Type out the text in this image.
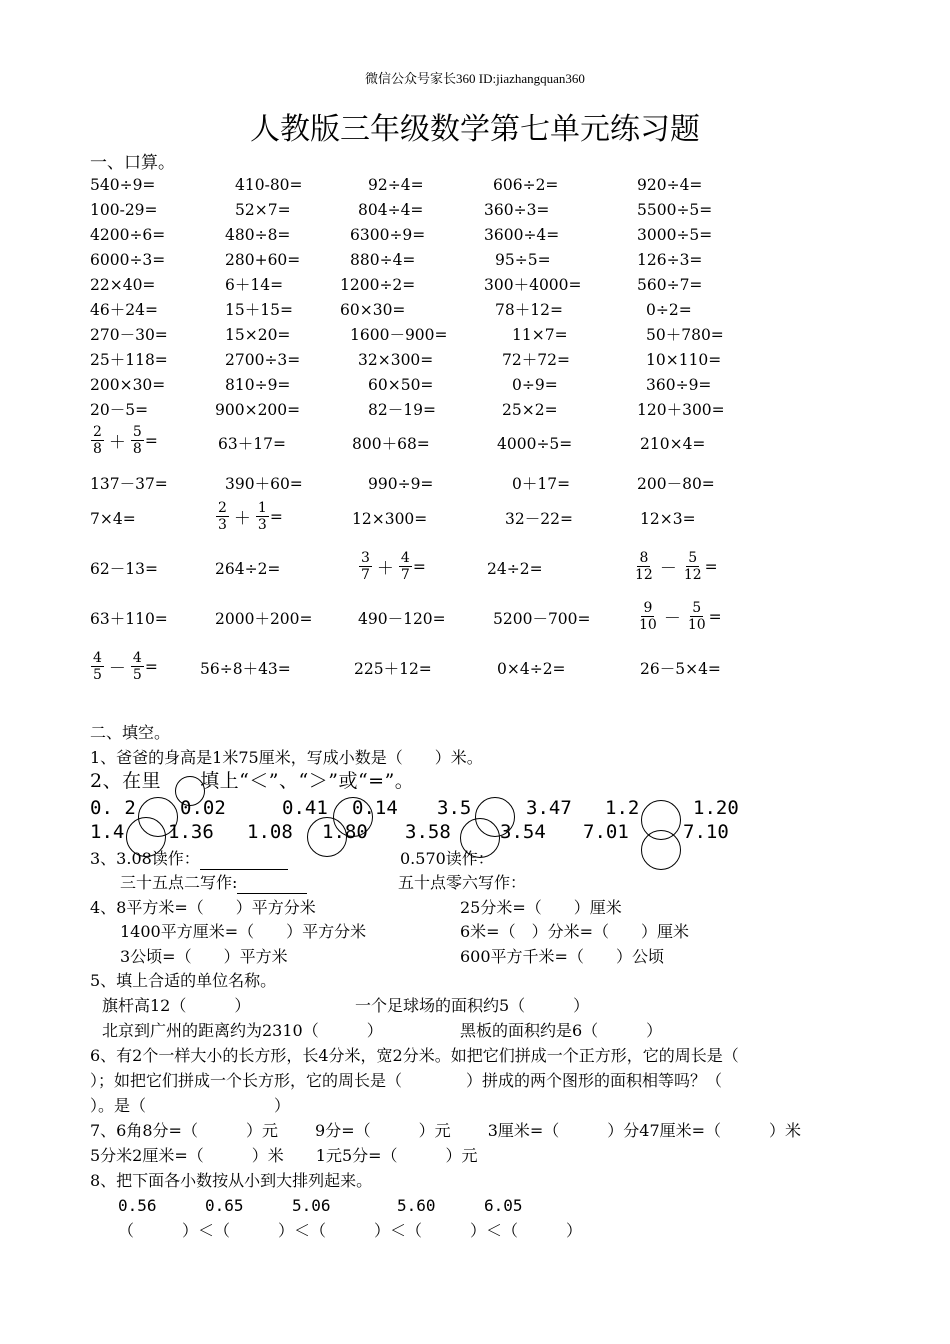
微信公众号家长360 ID:jiazhangquan360
人教版三年级数学第七单元练习题
一、口算。
540÷9=	410-80=	92÷4=	606÷2=	920÷4=
100-29=	52×7=	804÷4=	360÷3=	5500÷5=
4200÷6=	480÷8=	6300÷9=	3600÷4=	3000÷5=
6000÷3=	280+60=	880÷4=	95÷5=	126÷3=
22×40=	6＋14=	1200÷2=	300＋4000=	560÷7=
46＋24=	15＋15=	60×30=	78＋12=	0÷2=
270－30=	15×20=	1600－900=	11×7=	50＋780=
25＋118=	2700÷3=	32×300=	72＋72=	10×110=
200×30=	810÷9=	60×50=	0÷9=	360÷9=
20－5=	900×200=	82－19=	25×2=	120＋300=
$\frac{2}{8} + \frac{5}{8}$ =	63＋17=	800＋68=	4000÷5=	210×4=
137－37=	390＋60=	990÷9=	0＋17=	200－80=
7×4=	$\frac{2}{3} + \frac{1}{3}$ =	12×300=	32－22=	12×3=
62－13=	264÷2=	$\frac{3}{7} + \frac{4}{7}$ =	24÷2=	$\frac{8}{12} - \frac{5}{12}$ =
63＋110=	2000＋200=	490－120=	5200－700=	$\frac{9}{10} - \frac{5}{10}$ =
$\frac{4}{5} - \frac{4}{5}$ =	56÷8＋43=	225＋12=	0×4÷2=	26－5×4=
二、填空。
1、爸爸的身高是1米75厘米，写成小数是（　　）米。
2、在里　　填上“＜”、“＞”或“=”。
0. 2 0.02	0.41 0.14 3.5	3.47 1.2	1.20
1.4 1.36 1.08 1.80 3.58	3.54 7.01	7.10
3、3.08读作：	0.570读作：
三十五点二写作:	五十点零六写作：
4、8平方米=（　　）平方分米	25分米=（　　）厘米
1400平方厘米=（　　）平方分米	6米=（　）分米=（　　）厘米
3公顷=（　　）平方米	600平方千米=（　　）公顷
5、填上合适的单位名称。
旗杆高12（　　　）	一个足球场的面积约5（　　　）
北京到广州的距离约为2310（　　　）	黑板的面积约是6（　　　）
6、有2个一样大小的长方形，长4分米，宽2分米。如把它们拼成一个正方形，它的周长是（
）；如把它们拼成一个长方形，它的周长是（　　　　）拼成的两个图形的面积相等吗？（
）。是（　　　　　　　　）
7、6角8分=（　　　）元　　 9分=（　　　）元　　 3厘米=（　　　）分47厘米=（　　　）米
5分米2厘米=（　　　）米　　1元5分=（　　　）元
8、把下面各小数按从小到大排列起来。
0.56	0.65	5.06	5.60	6.05
（　　　）＜（　　　）＜（　　　）＜（　　　）＜（　　　）
